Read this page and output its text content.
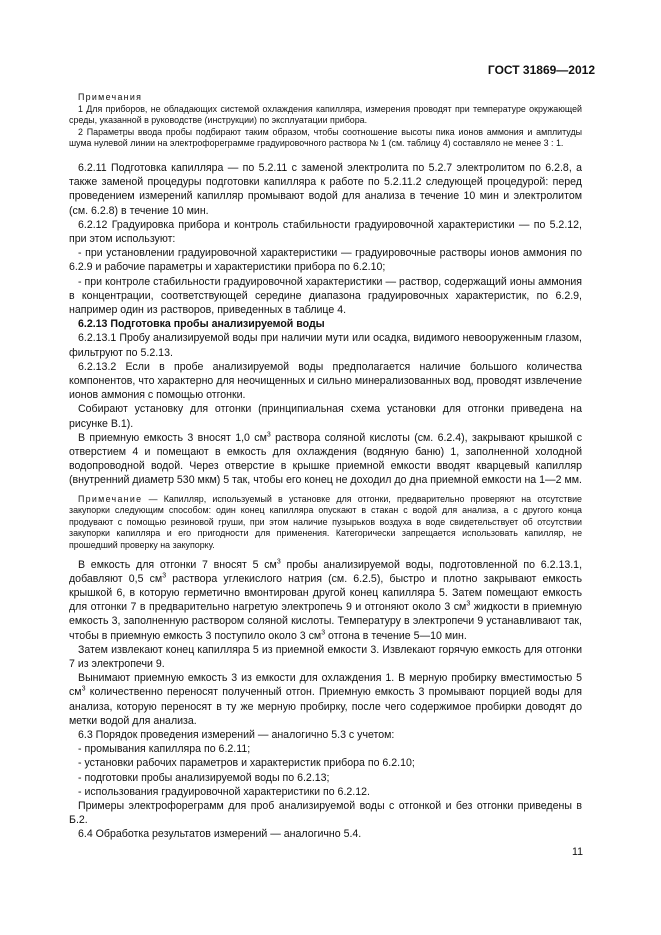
ГОСТ 31869—2012
Примечания

1 Для приборов, не обладающих системой охлаждения капилляра, измерения проводят при температуре окружающей среды, указанной в руководстве (инструкции) по эксплуатации прибора.

2 Параметры ввода пробы подбирают таким образом, чтобы соотношение высоты пика ионов аммония и амплитуды шума нулевой линии на электрофореграмме градуировочного раствора № 1 (см. таблицу 4) составляло не менее 3 : 1.

6.2.11 Подготовка капилляра — по 5.2.11 с заменой электролита по 5.2.7 электролитом по 6.2.8, а также заменой процедуры подготовки капилляра к работе по 5.2.11.2 следующей процедурой: перед проведением измерений капилляр промывают водой для анализа в течение 10 мин и электролитом (см. 6.2.8) в течение 10 мин.

6.2.12 Градуировка прибора и контроль стабильности градуировочной характеристики — по 5.2.12, при этом используют:

- при установлении градуировочной характеристики — градуировочные растворы ионов аммония по 6.2.9 и рабочие параметры и характеристики прибора по 6.2.10;

- при контроле стабильности градуировочной характеристики — раствор, содержащий ионы аммония в концентрации, соответствующей середине диапазона градуировочных характеристик, по 6.2.9, например один из растворов, приведенных в таблице 4.

6.2.13 Подготовка пробы анализируемой воды

6.2.13.1 Пробу анализируемой воды при наличии мути или осадка, видимого невооруженным глазом, фильтруют по 5.2.13.

6.2.13.2 Если в пробе анализируемой воды предполагается наличие большого количества компонентов, что характерно для неочищенных и сильно минерализованных вод, проводят извлечение ионов аммония с помощью отгонки.

Собирают установку для отгонки (принципиальная схема установки для отгонки приведена на рисунке В.1).

В приемную емкость 3 вносят 1,0 $см^3$ раствора соляной кислоты (см. 6.2.4), закрывают крышкой с отверстием 4 и помещают в емкость для охлаждения (водяную баню) 1, заполненной холодной водопроводной водой. Через отверстие в крышке приемной емкости вводят кварцевый капилляр (внутренний диаметр 530 мкм) 5 так, чтобы его конец не доходил до дна приемной емкости на 1—2 мм.

Примечание — Капилляр, используемый в установке для отгонки, предварительно проверяют на отсутствие закупорки следующим способом: один конец капилляра опускают в стакан с водой для анализа, а с другого конца продувают с помощью резиновой груши, при этом наличие пузырьков воздуха в воде свидетельствует об отсутствии закупорки капилляра и его пригодности для применения. Категорически запрещается использовать капилляр, не прошедший проверку на закупорку.

В емкость для отгонки 7 вносят 5 $см^3$ пробы анализируемой воды, подготовленной по 6.2.13.1, добавляют 0,5 $см^3$ раствора углекислого натрия (см. 6.2.5), быстро и плотно закрывают емкость крышкой 6, в которую герметично вмонтирован другой конец капилляра 5. Затем помещают емкость для отгонки 7 в предварительно нагретую электропечь 9 и отгоняют около 3 $см^3$ жидкости в приемную емкость 3, заполненную раствором соляной кислоты. Температуру в электропечи 9 устанавливают так, чтобы в приемную емкость 3 поступило около 3 $см^3$ отгона в течение 5—10 мин.

Затем извлекают конец капилляра 5 из приемной емкости 3. Извлекают горячую емкость для отгонки 7 из электропечи 9.

Вынимают приемную емкость 3 из емкости для охлаждения 1. В мерную пробирку вместимостью 5 $см^3$ количественно переносят полученный отгон. Приемную емкость 3 промывают порцией воды для анализа, которую переносят в ту же мерную пробирку, после чего содержимое пробирки доводят до метки водой для анализа.

6.3 Порядок проведения измерений — аналогично 5.3 с учетом:

- промывания капилляра по 6.2.11;

- установки рабочих параметров и характеристик прибора по 6.2.10;

- подготовки пробы анализируемой воды по 6.2.13;

- использования градуировочной характеристики по 6.2.12.

Примеры электрофореграмм для проб анализируемой воды с отгонкой и без отгонки приведены в Б.2.

6.4 Обработка результатов измерений — аналогично 5.4.

11
